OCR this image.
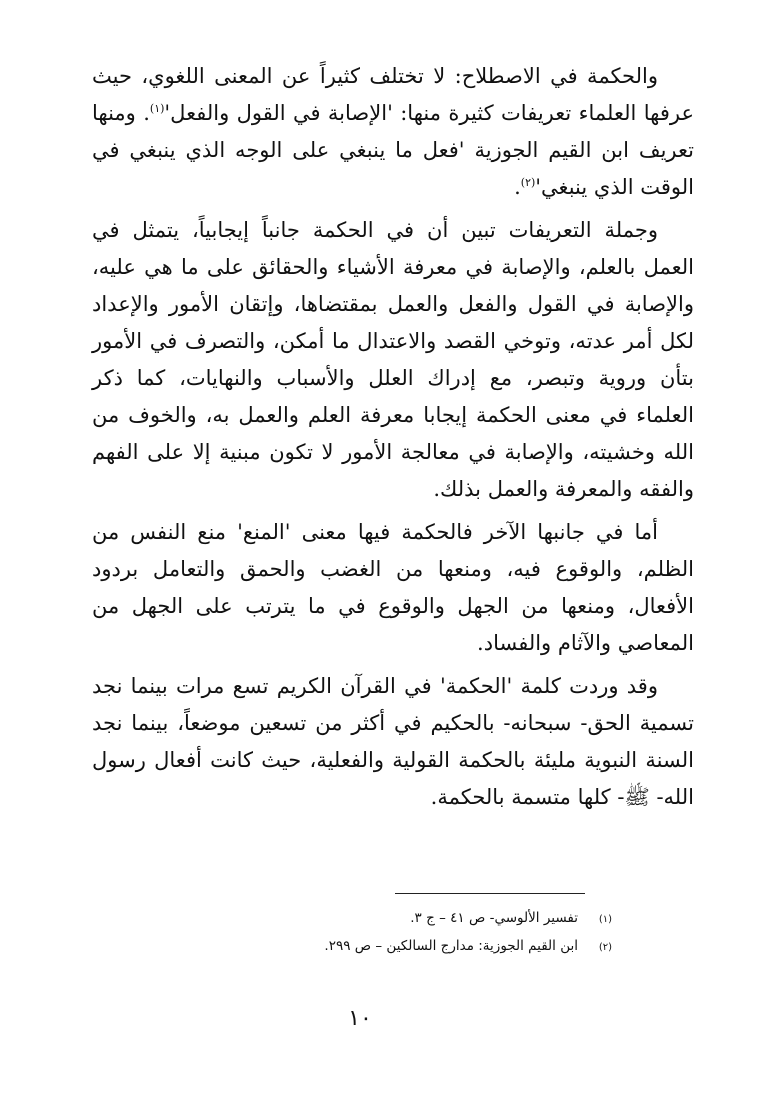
والحكمة في الاصطلاح: لا تختلف كثيراً عن المعنى اللغوي، حيث عرفها العلماء تعريفات كثيرة منها: 'الإصابة في القول والفعل'$^{(١)}$. ومنها تعريف ابن القيم الجوزية 'فعل ما ينبغي على الوجه الذي ينبغي في الوقت الذي ينبغي'$^{(٢)}$.

وجملة التعريفات تبين أن في الحكمة جانباً إيجابياً، يتمثل في العمل بالعلم، والإصابة في معرفة الأشياء والحقائق على ما هي عليه، والإصابة في القول والفعل والعمل بمقتضاها، وإتقان الأمور والإعداد لكل أمر عدته، وتوخي القصد والاعتدال ما أمكن، والتصرف في الأمور بتأن وروية وتبصر، مع إدراك العلل والأسباب والنهايات، كما ذكر العلماء في معنى الحكمة إيجابا معرفة العلم والعمل به، والخوف من الله وخشيته، والإصابة في معالجة الأمور لا تكون مبنية إلا على الفهم والفقه والمعرفة والعمل بذلك.

أما في جانبها الآخر فالحكمة فيها معنى 'المنع' منع النفس من الظلم، والوقوع فيه، ومنعها من الغضب والحمق والتعامل بردود الأفعال، ومنعها من الجهل والوقوع في ما يترتب على الجهل من المعاصي والآثام والفساد.

وقد وردت كلمة 'الحكمة' في القرآن الكريم تسع مرات بينما نجد تسمية الحق- سبحانه- بالحكيم في أكثر من تسعين موضعاً، بينما نجد السنة النبوية مليئة بالحكمة القولية والفعلية، حيث كانت أفعال رسول الله- ﷺ- كلها متسمة بالحكمة.

(١)
تفسير الألوسي- ص ٤١ – ج ٣.
(٢)
ابن القيم الجوزية: مدارج السالكين – ص ٢٩٩.
١٠
